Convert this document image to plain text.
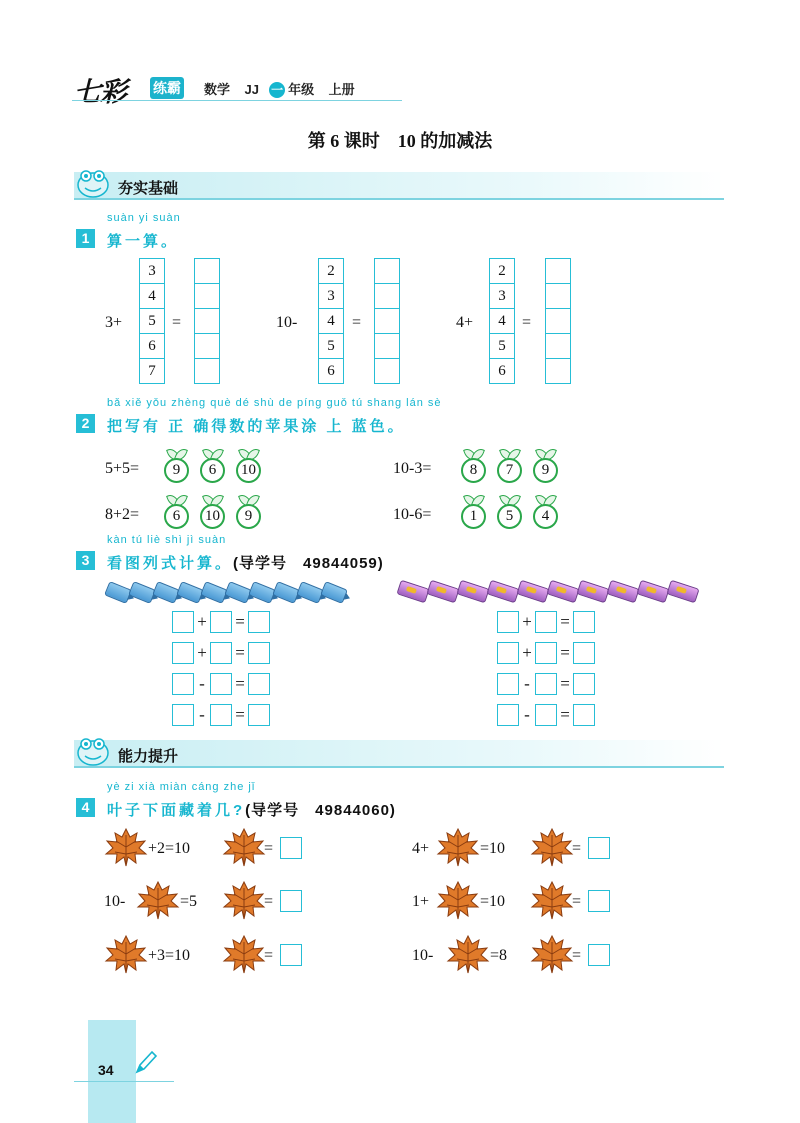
七彩 练霸 数学 JJ 一 年级 上册
第 6 课时　10 的加减法
夯实基础
suàn yi suàn
1	算一算。
3+
3
4
5
6
7
=	10-
2
3
4
5
6
=	4+
2
3
4
5
6
=
bǎ xiě yǒu zhèng què dé shù de píng guǒ tú shang lán sè
2	把写有 正 确得数的苹果涂 上 蓝色。
5+5=	9	6	10	10-3=	8	7	9
8+2=	6	10	9	10-6=	1	5	4
kàn tú liè shì jì suàn
3	看图列式计算。(导学号　49844059)
+ =
+ =
-	=
-	=
+ =
+ =
-	=
-	=
能力提升
yè zi xià miàn cáng zhe jǐ
4	叶子下面藏着几?(导学号　49844060)
+2=10	=	4+	=10	=
10-	=5	=	1+	=10	=
+3=10	=	10-	=8	=
34
